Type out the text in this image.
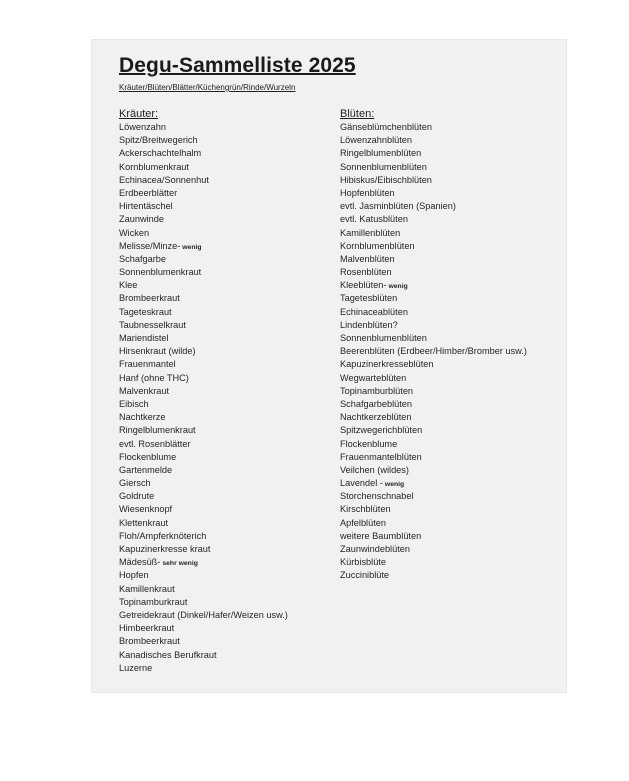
Degu-Sammelliste 2025
Kräuter/Blüten/Blätter/Küchengrün/Rinde/Wurzeln
Kräuter:
Löwenzahn
Spitz/Breitwegerich
Ackerschachtelhalm
Kornblumenkraut
Echinacea/Sonnenhut
Erdbeerblätter
Hirtentäschel
Zaunwinde
Wicken
Melisse/Minze- wenig
Schafgarbe
Sonnenblumenkraut
Klee
Brombeerkraut
Tageteskraut
Taubnesselkraut
Mariendistel
Hirsenkraut (wilde)
Frauenmantel
Hanf (ohne THC)
Malvenkraut
Eibisch
Nachtkerze
Ringelblumenkraut
evtl. Rosenblätter
Flockenblume
Gartenmelde
Giersch
Goldrute
Wiesenknopf
Klettenkraut
Floh/Ampferknöterich
Kapuzinerkresse kraut
Mädesüß- sehr wenig
Hopfen
Kamillenkraut
Topinamburkraut
Getreidekraut (Dinkel/Hafer/Weizen usw.)
Himbeerkraut
Brombeerkraut
Kanadisches Berufkraut
Luzerne
Blüten:
Gänseblümchenblüten
Löwenzahnblüten
Ringelblumenblüten
Sonnenblumenblüten
Hibiskus/Eibischblüten
Hopfenblüten
evtl. Jasminblüten (Spanien)
evtl. Katusblüten
Kamillenblüten
Kornblumenblüten
Malvenblüten
Rosenblüten
Kleeblüten- wenig
Tagetesblüten
Echinaceablüten
Lindenblüten?
Sonnenblumenblüten
Beerenblüten (Erdbeer/Himber/Bromber usw.)
Kapuzinerkresseblüten
Wegwarteblüten
Topinamburblüten
Schafgarbeblüten
Nachtkerzeblüten
Spitzwegerichblüten
Flockenblume
Frauenmantelblüten
Veilchen (wildes)
Lavendel - wenig
Storchenschnabel
Kirschblüten
Apfelblüten
weitere Baumblüten
Zaunwindeblüten
Kürbisblüte
Zucciniblüte
